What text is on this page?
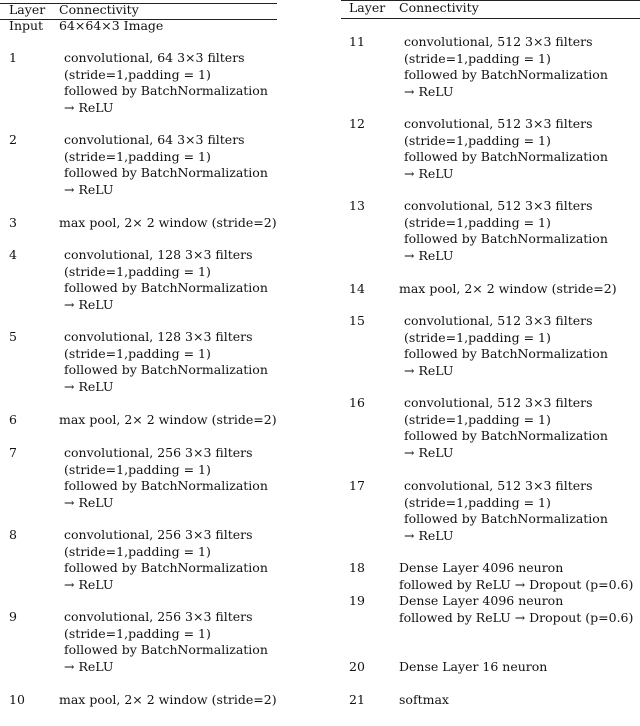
Layer Connectivity	Layer Connectivity
Input 64×64×3 Image
1	convolutional, 64 3×3 filters
(stride=1,padding = 1)
followed by BatchNormalization
→ ReLU
2	convolutional, 64 3×3 filters
(stride=1,padding = 1)
followed by BatchNormalization
→ ReLU
3	max pool, 2× 2 window (stride=2)
4	convolutional, 128 3×3 filters
(stride=1,padding = 1)
followed by BatchNormalization
→ ReLU
5	convolutional, 128 3×3 filters
(stride=1,padding = 1)
followed by BatchNormalization
→ ReLU
6	max pool, 2× 2 window (stride=2)
7	convolutional, 256 3×3 filters
(stride=1,padding = 1)
followed by BatchNormalization
→ ReLU
8	convolutional, 256 3×3 filters
(stride=1,padding = 1)
followed by BatchNormalization
→ ReLU
9	convolutional, 256 3×3 filters
(stride=1,padding = 1)
followed by BatchNormalization
→ ReLU
10	max pool, 2× 2 window (stride=2)
11	convolutional, 512 3×3 filters
(stride=1,padding = 1)
followed by BatchNormalization
→ ReLU
12	convolutional, 512 3×3 filters
(stride=1,padding = 1)
followed by BatchNormalization
→ ReLU
13	convolutional, 512 3×3 filters
(stride=1,padding = 1)
followed by BatchNormalization
→ ReLU
14	max pool, 2× 2 window (stride=2)
15	convolutional, 512 3×3 filters
(stride=1,padding = 1)
followed by BatchNormalization
→ ReLU
16	convolutional, 512 3×3 filters
(stride=1,padding = 1)
followed by BatchNormalization
→ ReLU
17	convolutional, 512 3×3 filters
(stride=1,padding = 1)
followed by BatchNormalization
→ ReLU
18	Dense Layer 4096 neuron
followed by ReLU → Dropout (p=0.6)
19	Dense Layer 4096 neuron
followed by ReLU → Dropout (p=0.6)
20	Dense Layer 16 neuron
21	softmax
